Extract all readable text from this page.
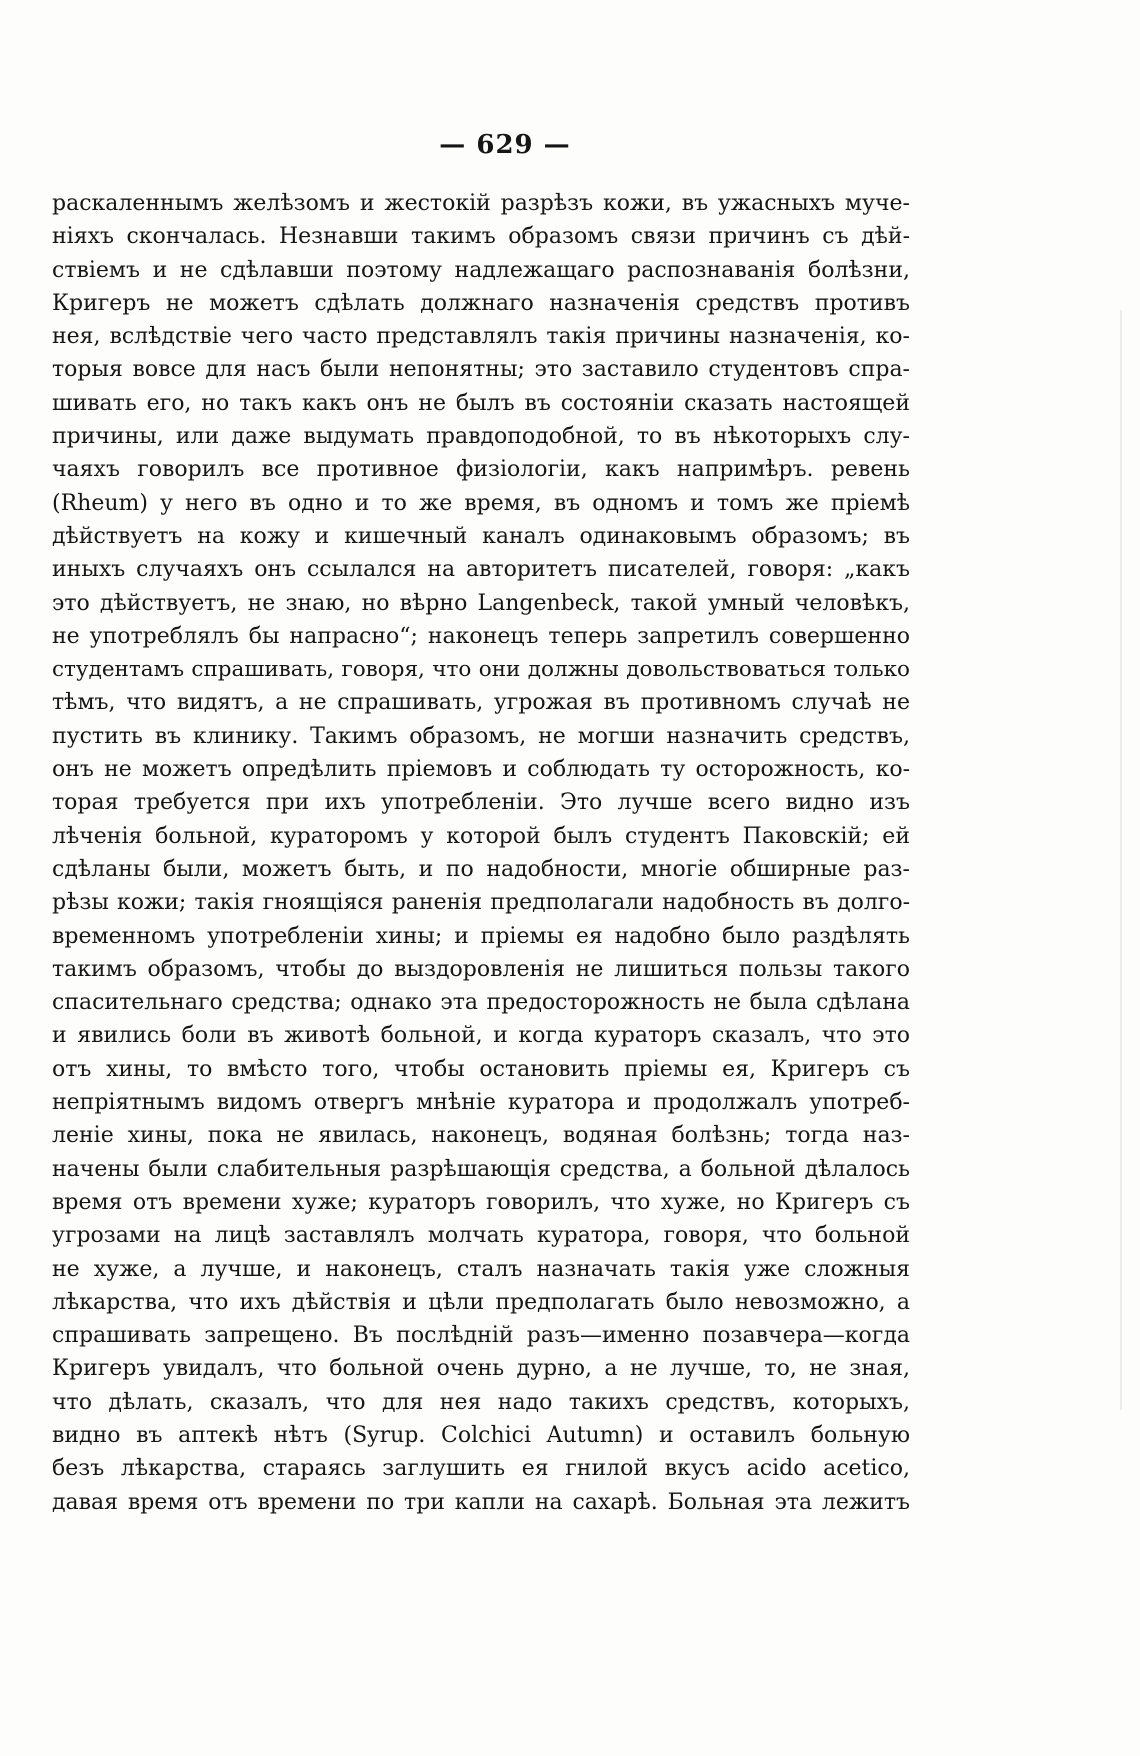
— 629 —
раскаленнымъ желѣзомъ и жестокій разрѣзъ кожи, въ ужасныхъ муче-
ніяхъ скончалась. Незнавши такимъ образомъ связи причинъ съ дѣй-
ствіемъ и не сдѣлавши поэтому надлежащаго распознаванія болѣзни,
Кригеръ не можетъ сдѣлать должнаго назначенія средствъ противъ
нея, вслѣдствіе чего часто представлялъ такія причины назначенія, ко-
торыя вовсе для насъ были непонятны; это заставило студентовъ спра-
шивать его, но такъ какъ онъ не былъ въ состояніи сказать настоящей
причины, или даже выдумать правдоподобной, то въ нѣкоторыхъ слу-
чаяхъ говорилъ все противное физіологіи, какъ напримѣръ. ревень
(Rheum) у него въ одно и то же время, въ одномъ и томъ же пріемѣ
дѣйствуетъ на кожу и кишечный каналъ одинаковымъ образомъ; въ
иныхъ случаяхъ онъ ссылался на авторитетъ писателей, говоря: „какъ
это дѣйствуетъ, не знаю, но вѣрно Langenbeck, такой умный человѣкъ,
не употреблялъ бы напрасно“; наконецъ теперь запретилъ совершенно
студентамъ спрашивать, говоря, что они должны довольствоваться только
тѣмъ, что видятъ, а не спрашивать, угрожая въ противномъ случаѣ не
пустить въ клинику. Такимъ образомъ, не могши назначить средствъ,
онъ не можетъ опредѣлить пріемовъ и соблюдать ту осторожность, ко-
торая требуется при ихъ употребленіи. Это лучше всего видно изъ
лѣченія больной, кураторомъ у которой былъ студентъ Паковскій; ей
сдѣланы были, можетъ быть, и по надобности, многіе обширные раз-
рѣзы кожи; такія гноящіяся раненія предполагали надобность въ долго-
временномъ употребленіи хины; и пріемы ея надобно было раздѣлять
такимъ образомъ, чтобы до выздоровленія не лишиться пользы такого
спасительнаго средства; однако эта предосторожность не была сдѣлана
и явились боли въ животѣ больной, и когда кураторъ сказалъ, что это
отъ хины, то вмѣсто того, чтобы остановить пріемы ея, Кригеръ съ
непріятнымъ видомъ отвергъ мнѣніе куратора и продолжалъ употреб-
леніе хины, пока не явилась, наконецъ, водяная болѣзнь; тогда наз-
начены были слабительныя разрѣшающія средства, а больной дѣлалось
время отъ времени хуже; кураторъ говорилъ, что хуже, но Кригеръ съ
угрозами на лицѣ заставлялъ молчать куратора, говоря, что больной
не хуже, а лучше, и наконецъ, сталъ назначать такія уже сложныя
лѣкарства, что ихъ дѣйствія и цѣли предполагать было невозможно, а
спрашивать запрещено. Въ послѣдній разъ—именно позавчера—когда
Кригеръ увидалъ, что больной очень дурно, а не лучше, то, не зная,
что дѣлать, сказалъ, что для нея надо такихъ средствъ, которыхъ,
видно въ аптекѣ нѣтъ (Syrup. Colchici Autumn) и оставилъ больную
безъ лѣкарства, стараясь заглушить ея гнилой вкусъ acido acetico,
давая время отъ времени по три капли на сахарѣ. Больная эта лежитъ
